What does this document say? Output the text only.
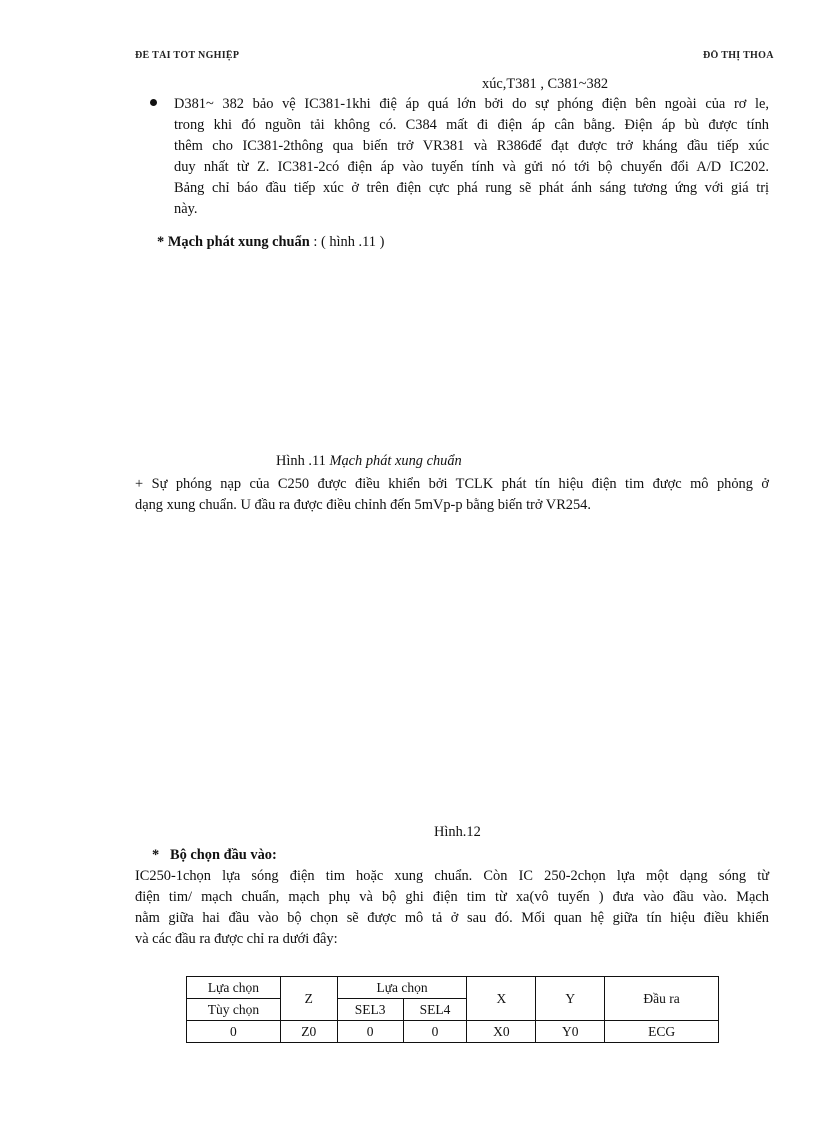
ĐỀ TÀI TỐT NGHIỆP	ĐỖ THỊ THOA
xúc,T381 , C381~382
D381~ 382 bảo vệ IC381-1khi điệ áp quá lớn bởi do sự phóng điện bên ngoài của rơ le,
trong khi đó nguồn tải không có. C384 mất đi điện áp cân bằng. Điện áp bù được tính
thêm cho IC381-2thông qua biến trở VR381 và R386để đạt được trở kháng đầu tiếp xúc
duy nhất từ Z. IC381-2có điện áp vào tuyến tính và gửi nó tới bộ chuyển đổi A/D IC202.
Bảng chỉ báo đầu tiếp xúc ở trên điện cực phá rung sẽ phát ánh sáng tương ứng với giá trị
này.
* Mạch phát xung chuẩn : ( hình .11 )
Hình .11 Mạch phát xung chuẩn
+ Sự phóng nạp của C250 được điều khiển bởi TCLK phát tín hiệu điện tim được mô phỏng ở
dạng xung chuẩn. U đầu ra được điều chỉnh đến 5mVp-p bằng biến trở VR254.
Hình.12
* Bộ chọn đầu vào:
IC250-1chọn lựa sóng điện tim hoặc xung chuẩn. Còn IC 250-2chọn lựa một dạng sóng từ
điện tim/ mạch chuẩn, mạch phụ và bộ ghi điện tim từ xa(vô tuyến ) đưa vào đầu vào. Mạch
nằm giữa hai đầu vào bộ chọn sẽ được mô tả ở sau đó. Mối quan hệ giữa tín hiệu điều khiển
và các đầu ra được chỉ ra dưới đây:
Lựa chọn	Z	Lựa chọn		X	Y	Đầu ra
Tùy chọn		SEL3	SEL4			
0	Z0	0	0	X0	Y0	ECG
